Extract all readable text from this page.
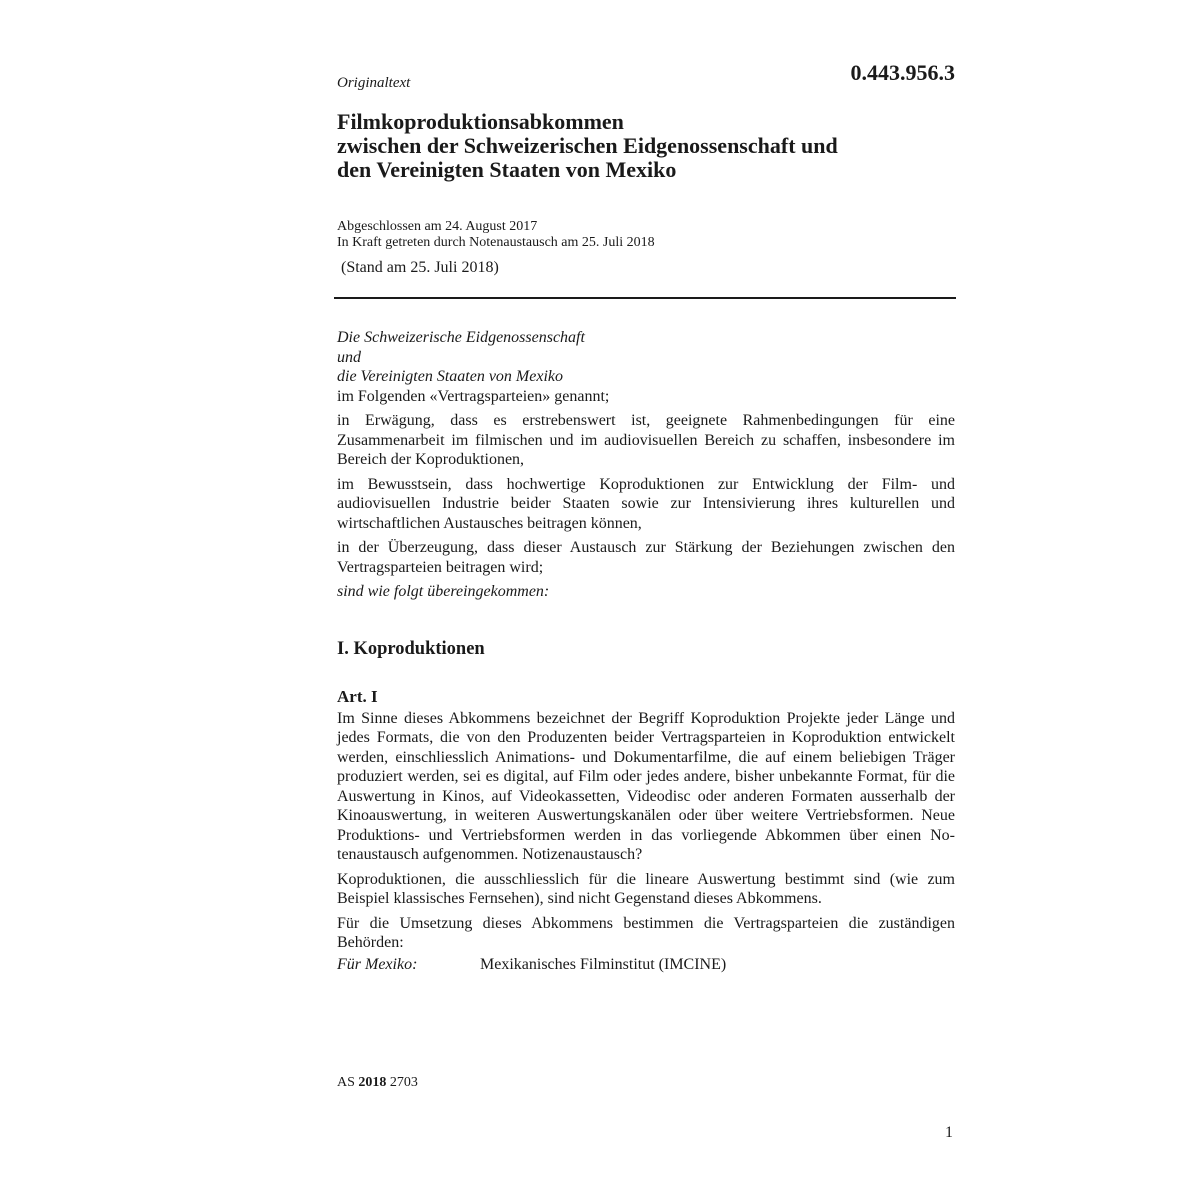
0.443.956.3
Originaltext
Filmkoproduktionsabkommen
zwischen der Schweizerischen Eidgenossenschaft und
den Vereinigten Staaten von Mexiko
Abgeschlossen am 24. August 2017
In Kraft getreten durch Notenaustausch am 25. Juli 2018
(Stand am 25. Juli 2018)

Die Schweizerische Eidgenossenschaft

und

die Vereinigten Staaten von Mexiko

im Folgenden «Vertragsparteien» genannt;

in Erwägung, dass es erstrebenswert ist, geeignete Rahmenbedingungen für eine Zusammenarbeit im filmischen und im audiovisuellen Bereich zu schaffen, insbesondere im Bereich der Koproduktionen,

im Bewusstsein, dass hochwertige Koproduktionen zur Entwicklung der Film- und audiovisuellen Industrie beider Staaten sowie zur Intensivierung ihres kulturellen und wirtschaftlichen Austausches beitragen können,

in der Überzeugung, dass dieser Austausch zur Stärkung der Beziehungen zwischen den Vertragsparteien beitragen wird;

sind wie folgt übereingekommen:

I. Koproduktionen

Art. I

Im Sinne dieses Abkommens bezeichnet der Begriff Koproduktion Projekte jeder Länge und jedes Formats, die von den Produzenten beider Vertragsparteien in Koproduktion entwickelt werden, einschliesslich Animations- und Dokumentarfilme, die auf einem beliebigen Träger produziert werden, sei es digital, auf Film oder jedes andere, bisher unbekannte Format, für die Auswertung in Kinos, auf Videokassetten, Videodisc oder anderen Formaten ausserhalb der Kinoauswertung, in weiteren Auswertungskanälen oder über weitere Vertriebsformen. Neue Produktions- und Vertriebsformen werden in das vorliegende Abkommen über einen Notenaustausch aufgenommen. Notizenaustausch?

Koproduktionen, die ausschliesslich für die lineare Auswertung bestimmt sind (wie zum Beispiel klassisches Fernsehen), sind nicht Gegenstand dieses Abkommens.

Für die Umsetzung dieses Abkommens bestimmen die Vertragsparteien die zuständigen Behörden:

Für Mexiko:	Mexikanisches Filminstitut (IMCINE)
AS 2018 2703
1
